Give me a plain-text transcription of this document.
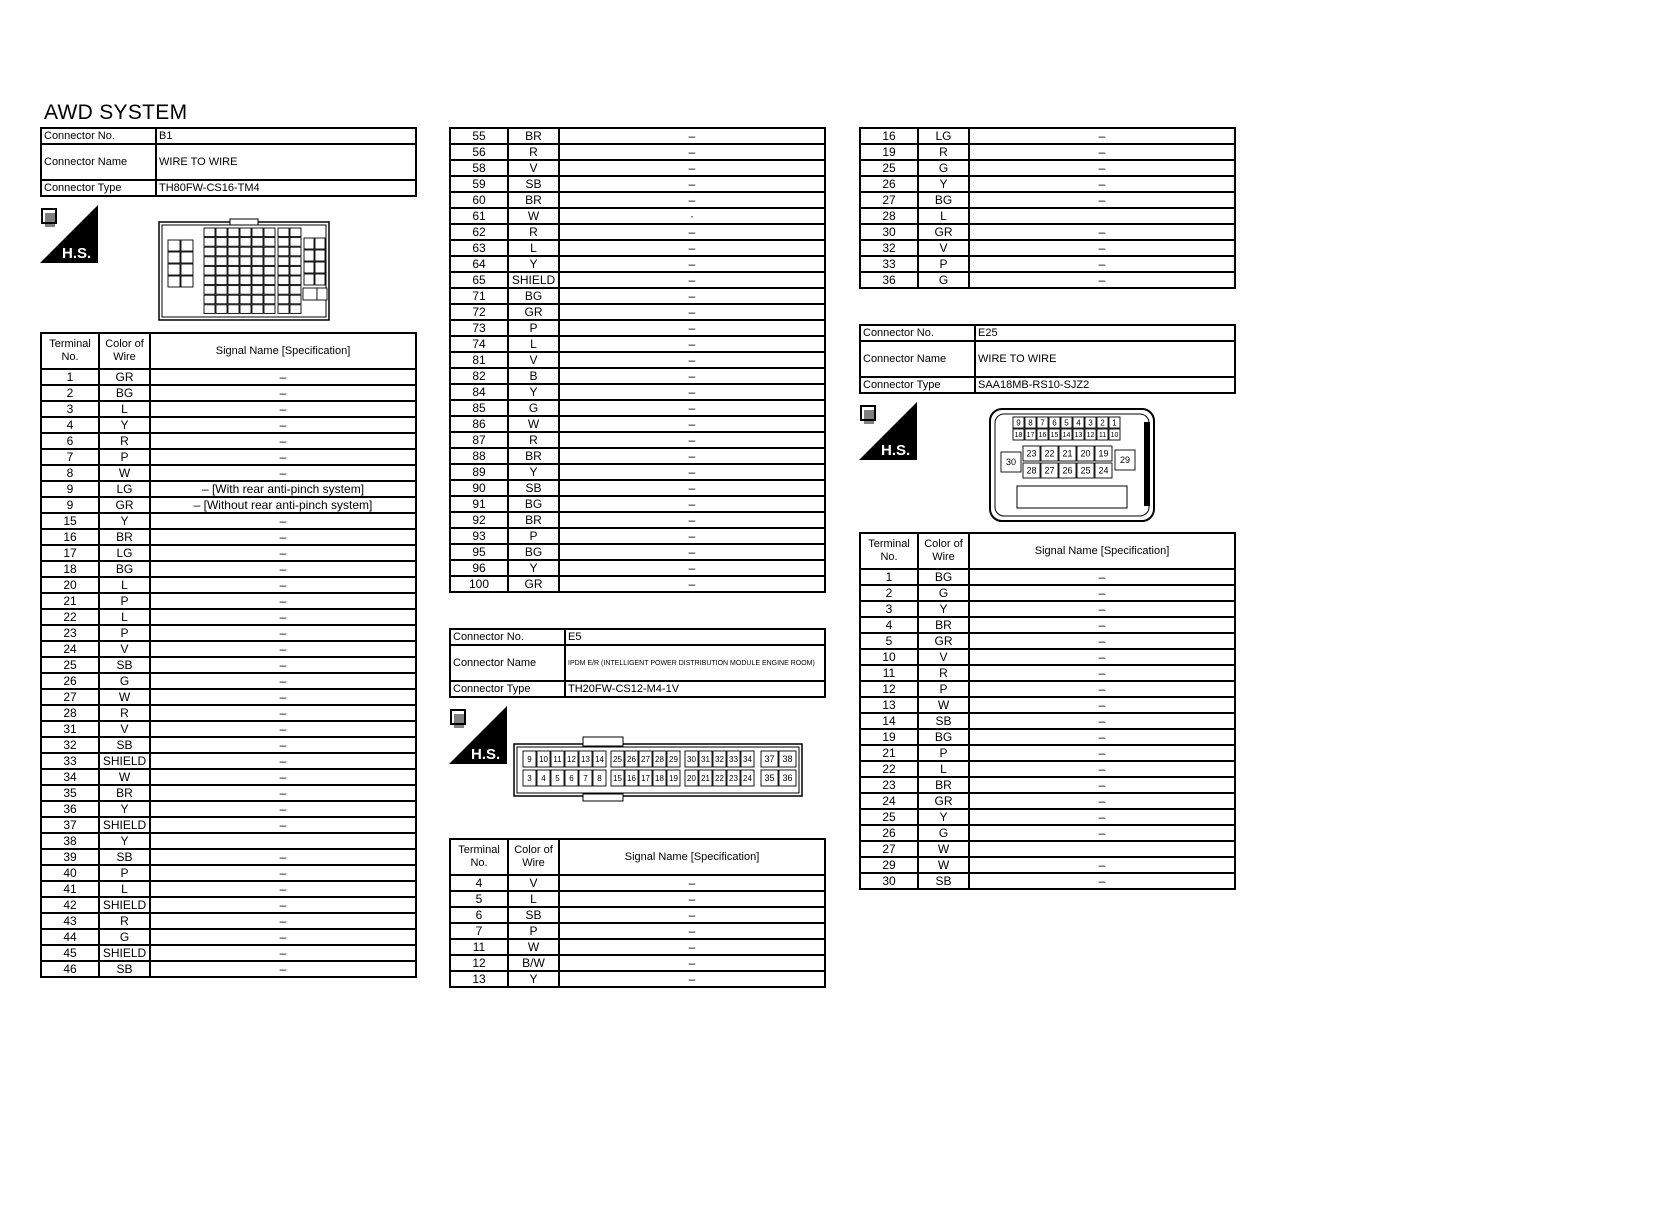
AWD SYSTEM
Connector No.	B1
Connector Name	WIRE TO WIRE
Connector Type	TH80FW-CS16-TM4
H.S.
Terminal No.	Color of Wire	Signal Name [Specification]
1	GR	–
2	BG	–
3	L	–
4	Y	–
6	R	–
7	P	–
8	W	–
9	LG	– [With rear anti-pinch system]
9	GR	– [Without rear anti-pinch system]
15	Y	–
16	BR	–
17	LG	–
18	BG	–
20	L	–
21	P	–
22	L	–
23	P	–
24	V	–
25	SB	–
26	G	–
27	W	–
28	R	–
31	V	–
32	SB	–
33	SHIELD	–
34	W	–
35	BR	–
36	Y	–
37	SHIELD	–
38	Y	
39	SB	–
40	P	–
41	L	–
42	SHIELD	–
43	R	–
44	G	–
45	SHIELD	–
46	SB	–
55	BR	–
56	R	–
58	V	–
59	SB	–
60	BR	–
61	W	·
62	R	–
63	L	–
64	Y	–
65	SHIELD	–
71	BG	–
72	GR	–
73	P	–
74	L	–
81	V	–
82	B	–
84	Y	–
85	G	–
86	W	–
87	R	–
88	BR	–
89	Y	–
90	SB	–
91	BG	–
92	BR	–
93	P	–
95	BG	–
96	Y	–
100	GR	–
Connector No.	E5
Connector Name	IPDM E/R (INTELLIGENT POWER DISTRIBUTION MODULE ENGINE ROOM)

Connector Type	TH20FW-CS12-M4-1V
H.S.	9
3
10
4
11
5
12
6
13
7
14
8
25
15
26
16
27
17
28
18
29
19
30
20
31
21
32
22
33
23
34
24
37
35
38
36
Terminal No.	Color of Wire	Signal Name [Specification]
4	V	–
5	L	–
6	SB	–
7	P	–
11	W	–
12	B/W	–
13	Y	–
16	LG	–
19	R	–
25	G	–
26	Y	–
27	BG	–
28	L	
30	GR	–
32	V	–
33	P	–
36	G	–
Connector No.	E25
Connector Name	WIRE TO WIRE
Connector Type	SAA18MB-RS10-SJZ2
H.S.
9 8 7 6 5 4 3 2 1
18 17 16 15 14 13 12 11 10
23 22 21 20 19
28 27 26 25 24
30	29
Terminal No.	Color of Wire	Signal Name [Specification]
1	BG	–
2	G	–
3	Y	–
4	BR	–
5	GR	–
10	V	–
11	R	–
12	P	–
13	W	–
14	SB	–
19	BG	–
21	P	–
22	L	–
23	BR	–
24	GR	–
25	Y	–
26	G	–
27	W	
29	W	–
30	SB	–
